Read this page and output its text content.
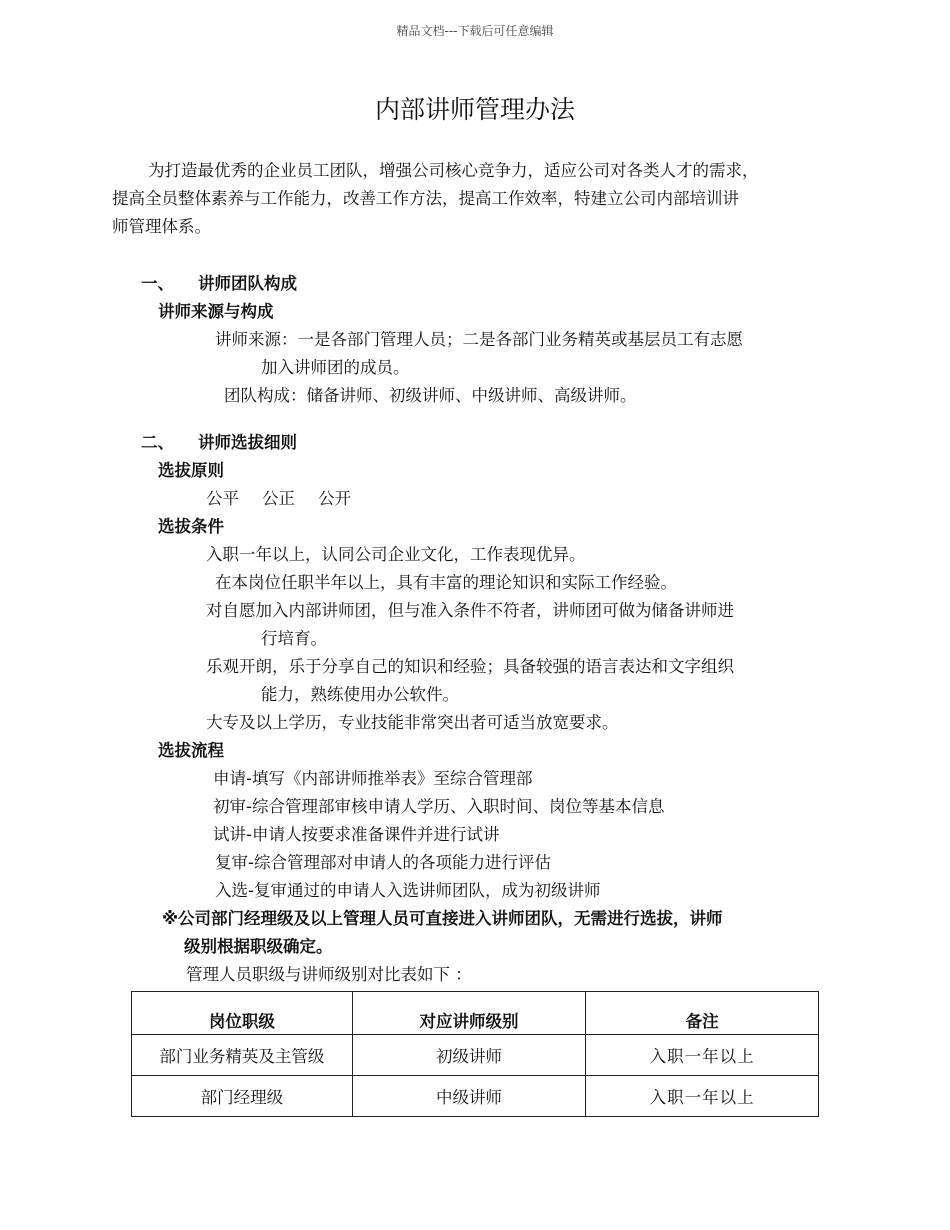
精品文档---下载后可任意编辑
内部讲师管理办法
为打造最优秀的企业员工团队，增强公司核心竞争力，适应公司对各类人才的需求，
提高全员整体素养与工作能力，改善工作方法，提高工作效率，特建立公司内部培训讲
师管理体系。
一、 讲师团队构成
讲师来源与构成
讲师来源：一是各部门管理人员；二是各部门业务精英或基层员工有志愿
加入讲师团的成员。
团队构成：储备讲师、初级讲师、中级讲师、高级讲师。
二、 讲师选拔细则
选拔原则
公平 公正 公开
选拔条件
入职一年以上，认同公司企业文化，工作表现优异。
在本岗位任职半年以上，具有丰富的理论知识和实际工作经验。
对自愿加入内部讲师团，但与准入条件不符者，讲师团可做为储备讲师进
行培育。
乐观开朗，乐于分享自己的知识和经验；具备较强的语言表达和文字组织
能力，熟练使用办公软件。
大专及以上学历，专业技能非常突出者可适当放宽要求。
选拔流程
申请-填写《内部讲师推举表》至综合管理部
初审-综合管理部审核申请人学历、入职时间、岗位等基本信息
试讲-申请人按要求准备课件并进行试讲
复审-综合管理部对申请人的各项能力进行评估
入选-复审通过的申请人入选讲师团队，成为初级讲师
※公司部门经理级及以上管理人员可直接进入讲师团队，无需进行选拔，讲师
级别根据职级确定。
管理人员职级与讲师级别对比表如下 ：
岗位职级	对应讲师级别	备注
部门业务精英及主管级	初级讲师	入职一年以上
部门经理级	中级讲师	入职一年以上
